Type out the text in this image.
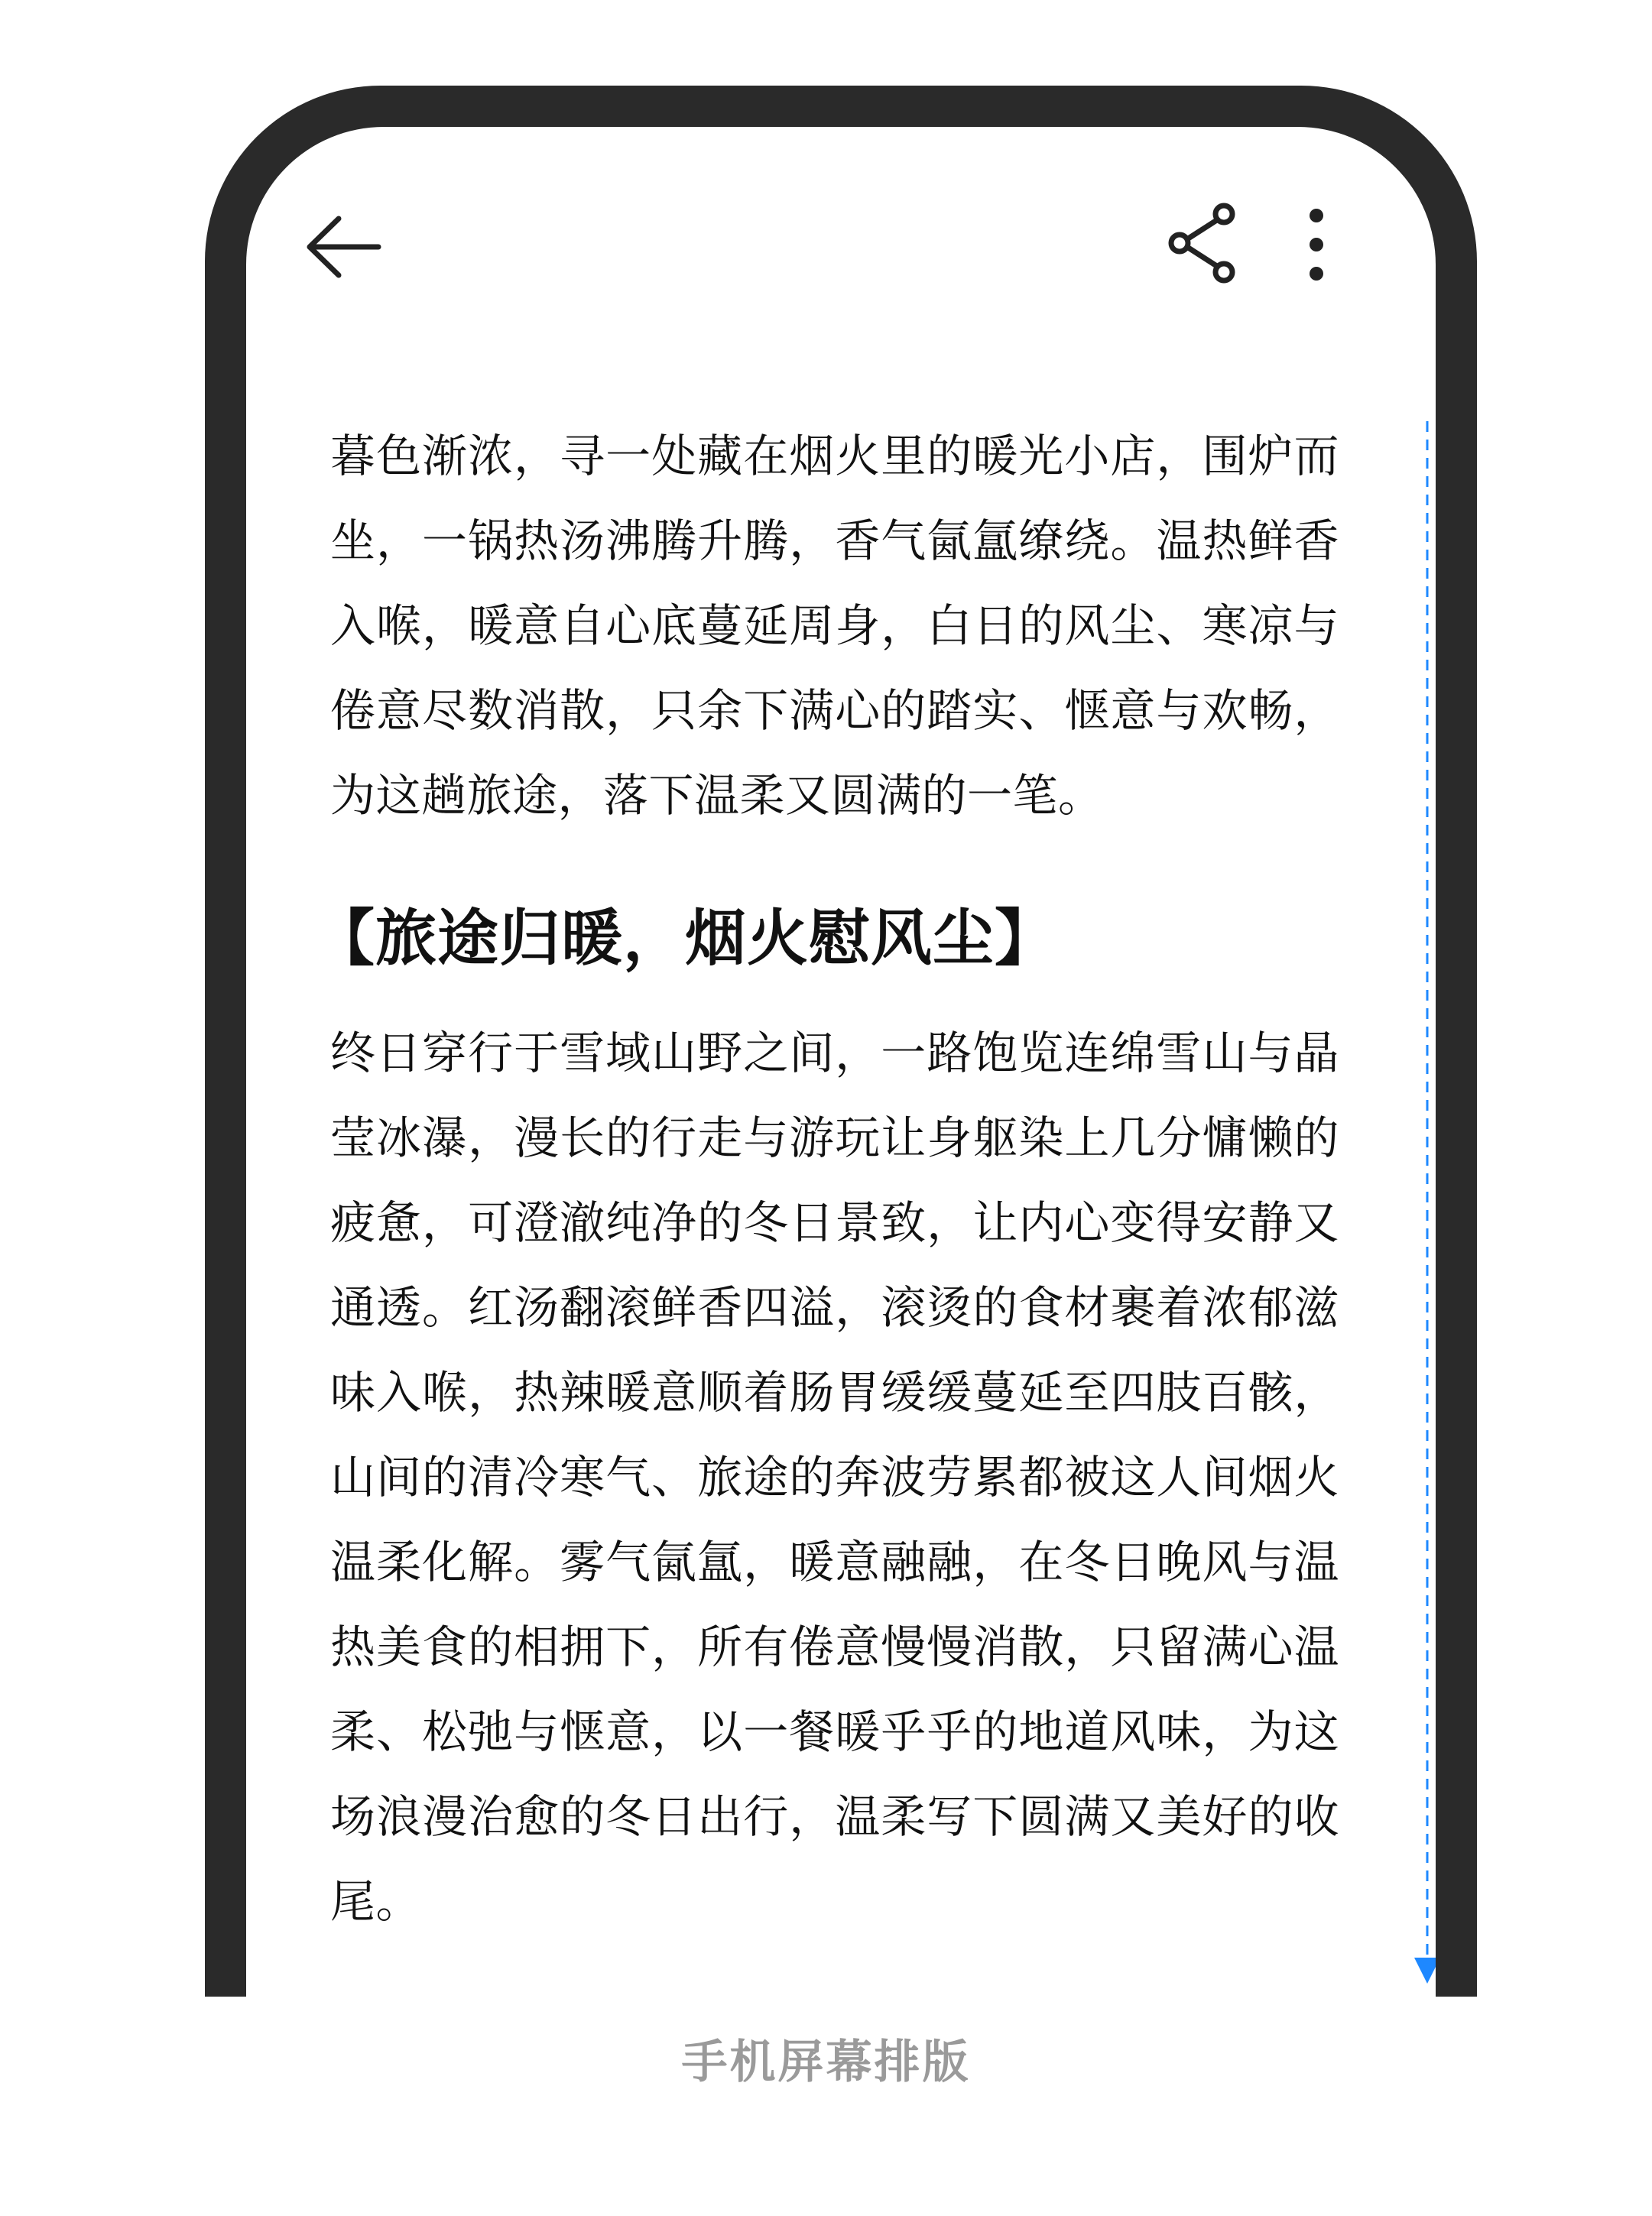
暮色渐浓，寻一处藏在烟火里的暖光小店，围炉而坐，一锅热汤沸腾升腾，香气氤氲缭绕。温热鲜香入喉，暖意自心底蔓延周身，白日的风尘、寒凉与倦意尽数消散，只余下满心的踏实、惬意与欢畅，为这趟旅途，落下温柔又圆满的一笔。

【旅途归暖，烟火慰风尘】

终日穿行于雪域山野之间，一路饱览连绵雪山与晶莹冰瀑，漫长的行走与游玩让身躯染上几分慵懒的疲惫，可澄澈纯净的冬日景致，让内心变得安静又通透。红汤翻滚鲜香四溢，滚烫的食材裹着浓郁滋味入喉，热辣暖意顺着肠胃缓缓蔓延至四肢百骸，山间的清冷寒气、旅途的奔波劳累都被这人间烟火温柔化解。雾气氤氲，暖意融融，在冬日晚风与温热美食的相拥下，所有倦意慢慢消散，只留满心温柔、松弛与惬意，以一餐暖乎乎的地道风味，为这场浪漫治愈的冬日出行，温柔写下圆满又美好的收尾。

手机屏幕排版
